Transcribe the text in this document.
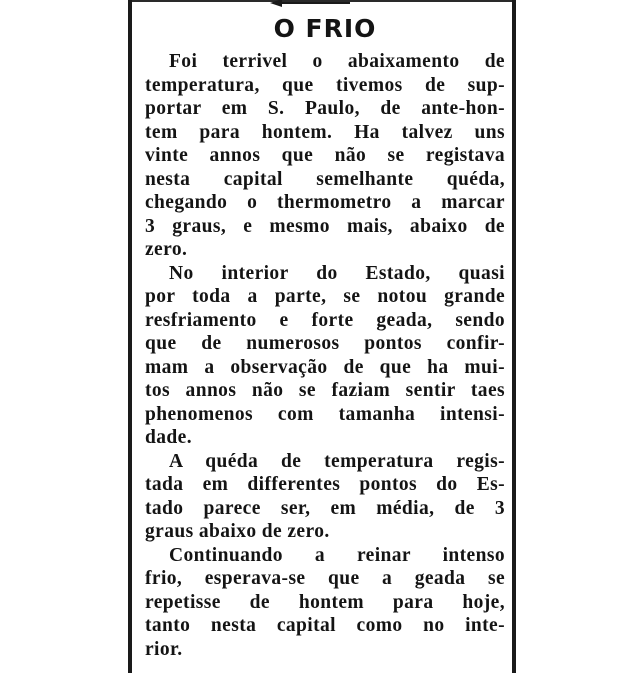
O FRIO
Foi terrivel o abaixamento de
temperatura, que tivemos de sup-
portar em S. Paulo, de ante-hon-
tem para hontem. Ha talvez uns
vinte annos que não se registava
nesta capital semelhante quéda,
chegando o thermometro a marcar
3 graus, e mesmo mais, abaixo de
zero.
No interior do Estado, quasi
por toda a parte, se notou grande
resfriamento e forte geada, sendo
que de numerosos pontos confir-
mam a observação de que ha mui-
tos annos não se faziam sentir taes
phenomenos com tamanha intensi-
dade.
A quéda de temperatura regis-
tada em differentes pontos do Es-
tado parece ser, em média, de 3
graus abaixo de zero.
Continuando a reinar intenso
frio, esperava-se que a geada se
repetisse de hontem para hoje,
tanto nesta capital como no inte-
rior.
